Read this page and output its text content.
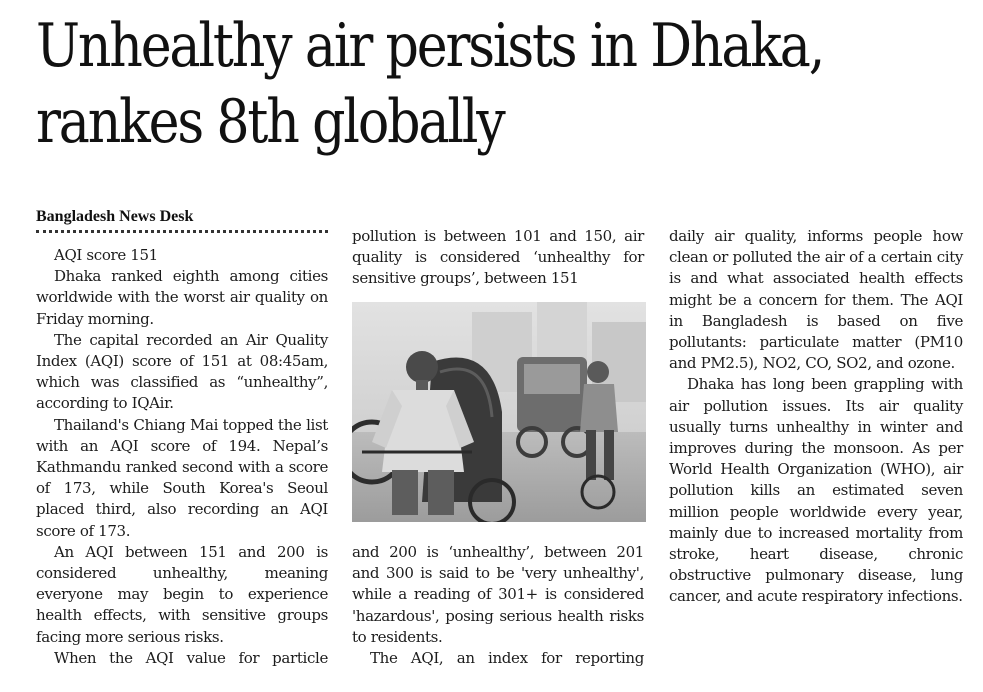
Unhealthy air persists in Dhaka,
rankes 8th globally
Bangladesh News Desk

AQI score 151

Dhaka ranked eighth among cities worldwide with the worst air quality on Friday morning.

The capital recorded an Air Quality Index (AQI) score of 151 at 08:45am, which was classified as “unhealthy”, according to IQAir.

Thailand's Chiang Mai topped the list with an AQI score of 194. Nepal’s Kathmandu ranked second with a score of 173, while South Korea's Seoul placed third, also recording an AQI score of 173.

An AQI between 151 and 200 is considered unhealthy, meaning everyone may begin to experience health effects, with sensitive groups facing more serious risks.

When the AQI value for particle

pollution is between 101 and 150, air quality is considered ‘unhealthy for sensitive groups’, between 151

and 200 is ‘unhealthy’, between 201 and 300 is said to be 'very unhealthy', while a reading of 301+ is considered 'hazardous', posing serious health risks to residents.

The AQI, an index for reporting

daily air quality, informs people how clean or polluted the air of a certain city is and what associated health effects might be a concern for them. The AQI in Bangladesh is based on five pollutants: particulate matter (PM10 and PM2.5), NO2, CO, SO2, and ozone.

Dhaka has long been grappling with air pollution issues. Its air quality usually turns unhealthy in winter and improves during the monsoon. As per World Health Organization (WHO), air pollution kills an estimated seven million people worldwide every year, mainly due to increased mortality from stroke, heart disease, chronic obstructive pulmonary disease, lung cancer, and acute respiratory infections.
